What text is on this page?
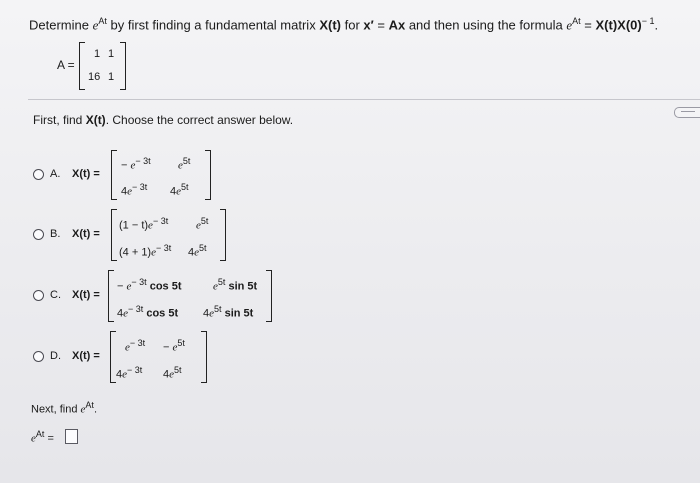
Determine $e^{At}$ by first finding a fundamental matrix X(t) for x′ = Ax and then using the formula $e^{At} = X(t)X(0)^{- 1}$.
A =
1 1
16 1
First, find X(t). Choose the correct answer below.
A. X(t) =
− $e^{- 3t}$ $e^{5t}$
$4e^{- 3t}$ $4e^{5t}$
B. X(t) =
$(1 - t)e^{- 3t}$	$e^{5t}$
$(4 + 1)e^{- 3t}$ $4e^{5t}$
C. X(t) =
− $e^{- 3t}$ cos 5t	$e^{5t}$ sin 5t
$4e^{- 3t}$ cos 5t $4e^{5t}$ sin 5t
D. X(t) =
$e^{- 3t} - e^{5t}$
$4e^{- 3t}$ $4e^{5t}$
Next, find $e^{At}$.
$e^{At}$ =
